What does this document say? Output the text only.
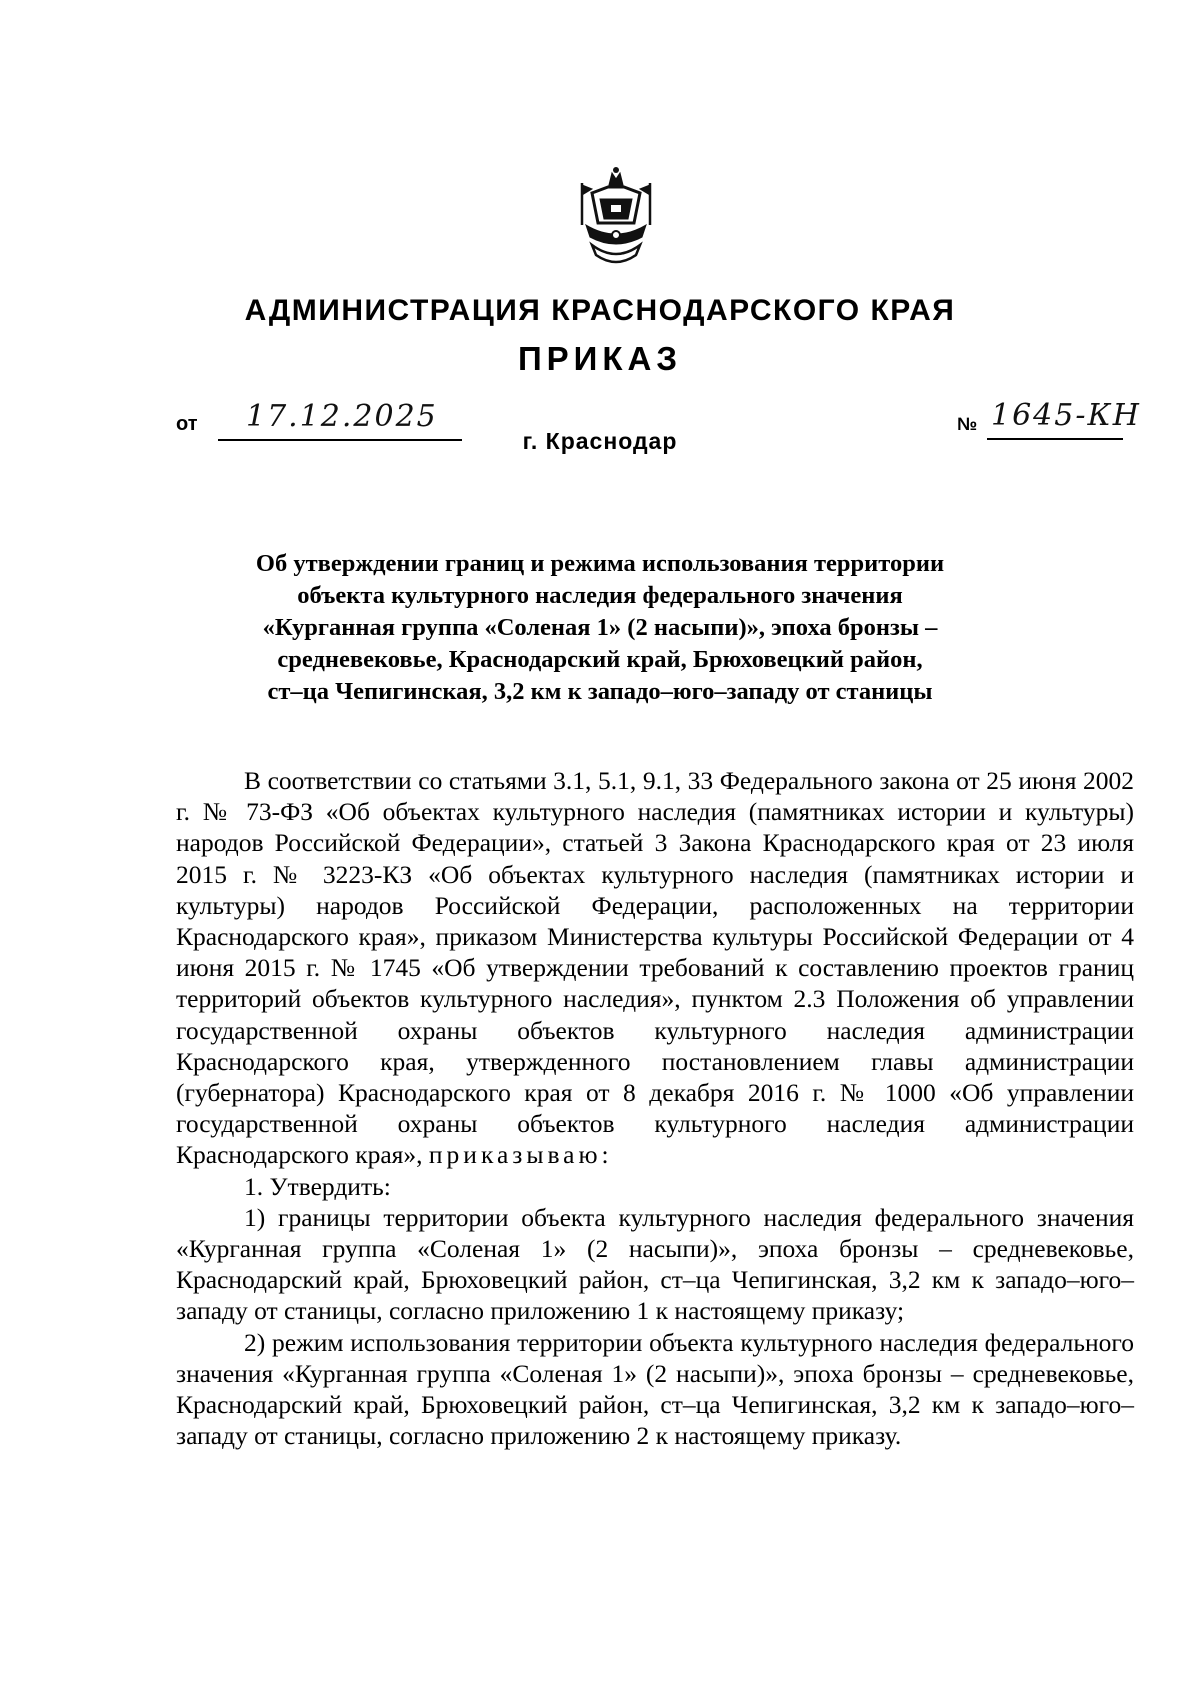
АДМИНИСТРАЦИЯ КРАСНОДАРСКОГО КРАЯ
ПРИКАЗ
от 17.12.2025

г. Краснодар

№ 1645-КН
Об утверждении границ и режима использования территории
объекта культурного наследия федерального значения
«Курганная группа «Соленая 1» (2 насыпи)», эпоха бронзы –
средневековье, Краснодарский край, Брюховецкий район,
ст–ца Чепигинская, 3,2 км к западо–юго–западу от станицы

В соответствии со статьями 3.1, 5.1, 9.1, 33 Федерального закона от 25 июня 2002 г. № 73-ФЗ «Об объектах культурного наследия (памятниках истории и культуры) народов Российской Федерации», статьей 3 Закона Краснодарского края от 23 июля 2015 г. № 3223-КЗ «Об объектах культурного наследия (памятниках истории и культуры) народов Российской Федерации, расположенных на территории Краснодарского края», приказом Министерства культуры Российской Федерации от 4 июня 2015 г. № 1745 «Об утверждении требований к составлению проектов границ территорий объектов культурного наследия», пунктом 2.3 Положения об управлении государственной охраны объектов культурного наследия администрации Краснодарского края, утвержденного постановлением главы администрации (губернатора) Краснодарского края от 8 декабря 2016 г. № 1000 «Об управлении государственной охраны объектов культурного наследия администрации Краснодарского края», приказываю:

1. Утвердить:

1) границы территории объекта культурного наследия федерального значения «Курганная группа «Соленая 1» (2 насыпи)», эпоха бронзы – средневековье, Краснодарский край, Брюховецкий район, ст–ца Чепигинская, 3,2 км к западо–юго–западу от станицы, согласно приложению 1 к настоящему приказу;

2) режим использования территории объекта культурного наследия федерального значения «Курганная группа «Соленая 1» (2 насыпи)», эпоха бронзы – средневековье, Краснодарский край, Брюховецкий район, ст–ца Чепигинская, 3,2 км к западо–юго–западу от станицы, согласно приложению 2 к настоящему приказу.
